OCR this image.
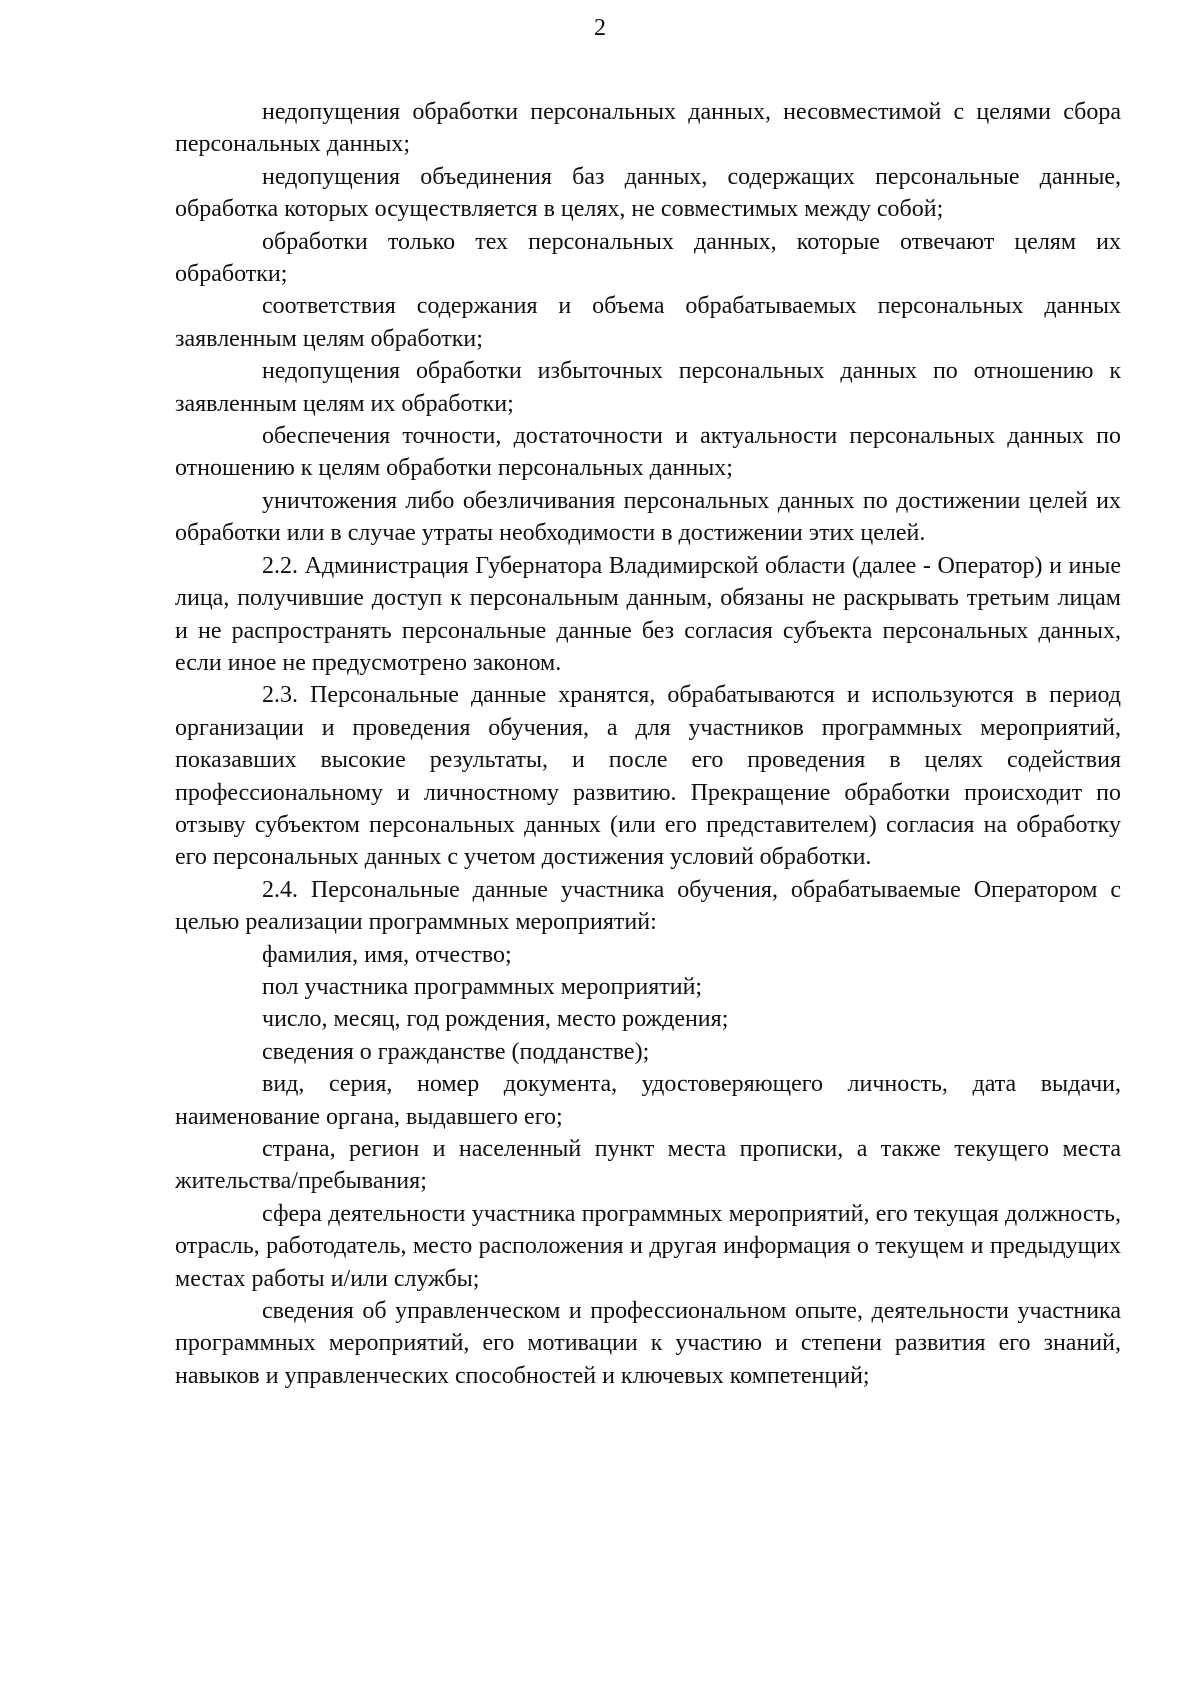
2

недопущения обработки персональных данных, несовместимой с целями сбора персональных данных;

недопущения объединения баз данных, содержащих персональные данные, обработка которых осуществляется в целях, не совместимых между собой;

обработки только тех персональных данных, которые отвечают целям их обработки;

соответствия содержания и объема обрабатываемых персональных данных заявленным целям обработки;

недопущения обработки избыточных персональных данных по отношению к заявленным целям их обработки;

обеспечения точности, достаточности и актуальности персональных данных по отношению к целям обработки персональных данных;

уничтожения либо обезличивания персональных данных по достижении целей их обработки или в случае утраты необходимости в достижении этих целей.

2.2. Администрация Губернатора Владимирской области (далее - Оператор) и иные лица, получившие доступ к персональным данным, обязаны не раскрывать третьим лицам и не распространять персональные данные без согласия субъекта персональных данных, если иное не предусмотрено законом.

2.3. Персональные данные хранятся, обрабатываются и используются в период организации и проведения обучения, а для участников программных мероприятий, показавших высокие результаты, и после его проведения в целях содействия профессиональному и личностному развитию. Прекращение обработки происходит по отзыву субъектом персональных данных (или его представителем) согласия на обработку его персональных данных с учетом достижения условий обработки.

2.4. Персональные данные участника обучения, обрабатываемые Оператором с целью реализации программных мероприятий:

фамилия, имя, отчество;

пол участника программных мероприятий;

число, месяц, год рождения, место рождения;

сведения о гражданстве (подданстве);

вид, серия, номер документа, удостоверяющего личность, дата выдачи, наименование органа, выдавшего его;

страна, регион и населенный пункт места прописки, а также текущего места жительства/пребывания;

сфера деятельности участника программных мероприятий, его текущая должность, отрасль, работодатель, место расположения и другая информация о текущем и предыдущих местах работы и/или службы;

сведения об управленческом и профессиональном опыте, деятельности участника программных мероприятий, его мотивации к участию и степени развития его знаний, навыков и управленческих способностей и ключевых компетенций;
